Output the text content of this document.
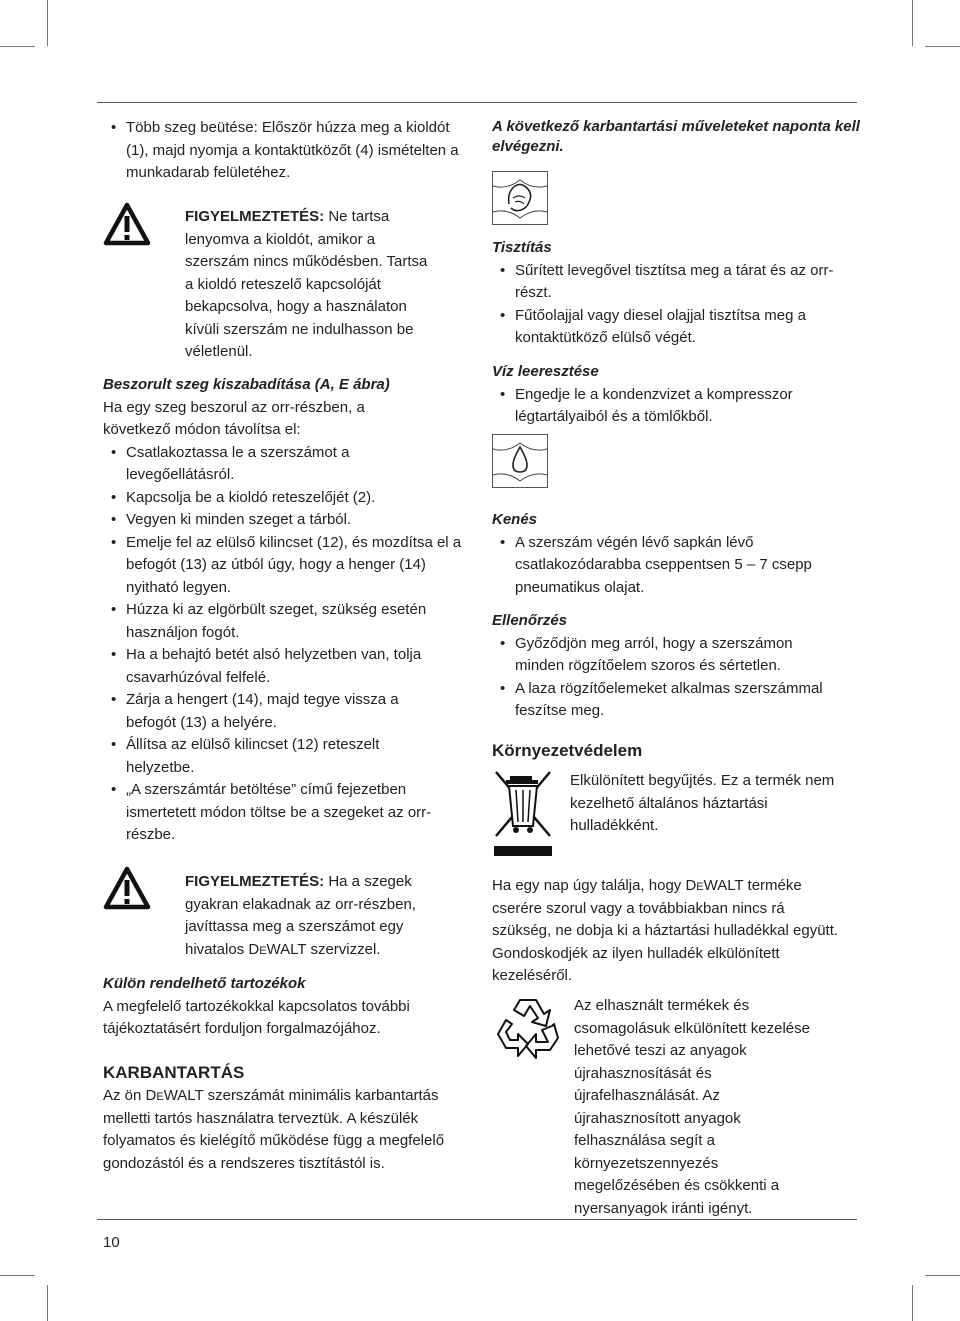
10
• Több szeg beütése: Először húzza meg a kioldót (1), majd nyomja a kontaktütközőt (4) ismételten a munkadarab felületéhez.
FIGYELMEZTETÉS: Ne tartsa lenyomva a kioldót, amikor a szerszám nincs működésben. Tartsa a kioldó reteszelő kapcsolóját bekapcsolva, hogy a használaton kívüli szerszám ne indulhasson be véletlenül.
Beszorult szeg kiszabadítása (A, E ábra)
Ha egy szeg beszorul az orr-részben, a következő módon távolítsa el:
• Csatlakoztassa le a szerszámot a levegőellátásról.
• Kapcsolja be a kioldó reteszelőjét (2).
• Vegyen ki minden szeget a tárból.
• Emelje fel az elülső kilincset (12), és mozdítsa el a befogót (13) az útból úgy, hogy a henger (14) nyitható legyen.
• Húzza ki az elgörbült szeget, szükség esetén használjon fogót.
• Ha a behajtó betét alsó helyzetben van, tolja csavarhúzóval felfelé.
• Zárja a hengert (14), majd tegye vissza a befogót (13) a helyére.
• Állítsa az elülső kilincset (12) reteszelt helyzetbe.
• „A szerszámtár betöltése” című fejezetben ismertetett módon töltse be a szegeket az orr-részbe.
FIGYELMEZTETÉS: Ha a szegek gyakran elakadnak az orr-részben, javíttassa meg a szerszámot egy hivatalos DeWALT szervizzel.
Külön rendelhető tartozékok
A megfelelő tartozékokkal kapcsolatos további tájékoztatásért forduljon forgalmazójához.
KARBANTARTÁS
Az ön DeWALT szerszámát minimális karbantartás melletti tartós használatra terveztük. A készülék folyamatos és kielégítő működése függ a megfelelő gondozástól és a rendszeres tisztítástól is.
A következő karbantartási műveleteket naponta kell elvégezni.
Tisztítás
• Sűrített levegővel tisztítsa meg a tárat és az orr-részt.
• Fűtőolajjal vagy diesel olajjal tisztítsa meg a kontaktütköző elülső végét.
Víz leeresztése
• Engedje le a kondenzvizet a kompresszor légtartályaiból és a tömlőkből.
Kenés
• A szerszám végén lévő sapkán lévő csatlakozódarabba cseppentsen 5 – 7 csepp pneumatikus olajat.
Ellenőrzés
• Győződjön meg arról, hogy a szerszámon minden rögzítőelem szoros és sértetlen.
• A laza rögzítőelemeket alkalmas szerszámmal feszítse meg.
Környezetvédelem
Elkülönített begyűjtés. Ez a termék nem kezelhető általános háztartási hulladékként.
Ha egy nap úgy találja, hogy DeWALT terméke cserére szorul vagy a továbbiakban nincs rá szükség, ne dobja ki a háztartási hulladékkal együtt. Gondoskodjék az ilyen hulladék elkülönített kezeléséről.
Az elhasznált termékek és csomagolásuk elkülönített kezelése lehetővé teszi az anyagok újrahasznosítását és újrafelhasználását. Az újrahasznosított anyagok felhasználása segít a környezetszennyezés megelőzésében és csökkenti a nyersanyagok iránti igényt.
